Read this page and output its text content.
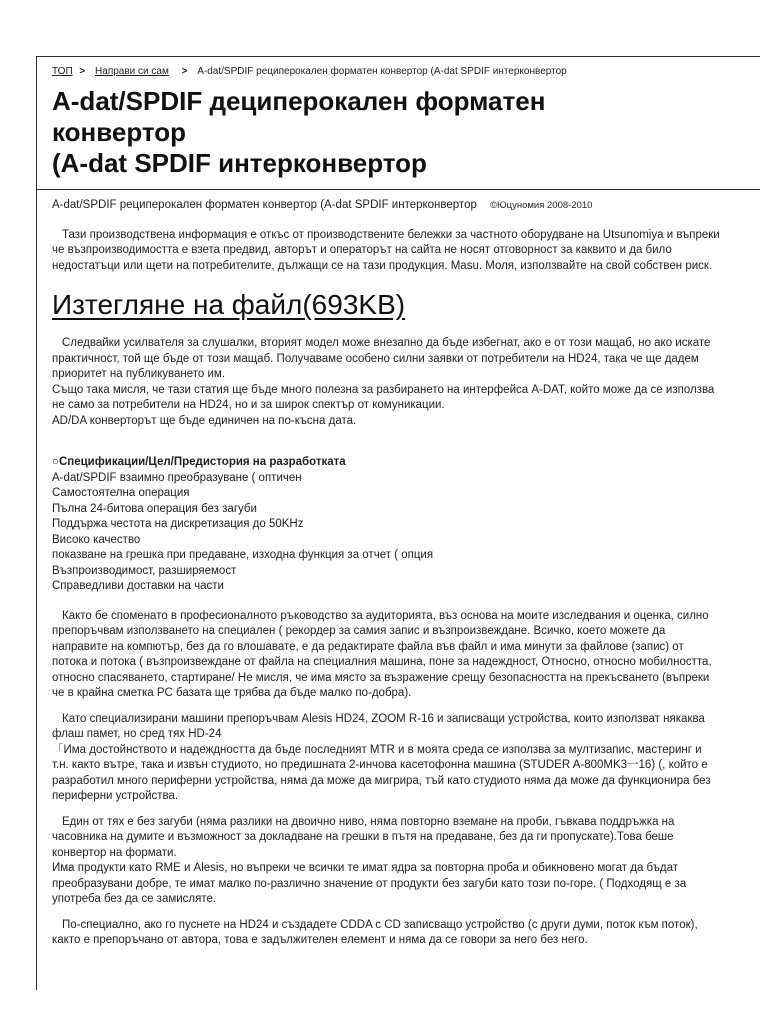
ТОП > Направи си сам > A-dat/SPDIF рециперокален форматен конвертор (A-dat SPDIF интерконвертор
A-dat/SPDIF дециперокален форматен
конвертор
(A-dat SPDIF интерконвертор
A-dat/SPDIF рециперокален форматен конвертор (A-dat SPDIF интерконвертор ©Юцуномия 2008-2010

Тази производствена информация е откъс от производствените бележки за частното оборудване на Utsunomiya и въпреки че възпроизводимостта е взета предвид, авторът и операторът на сайта не носят отговорност за каквито и да било недостатъци или щети на потребителите, дължащи се на тази продукция. Masu. Моля, използвайте на свой собствен риск.

Изтегляне на файл(693KB)

Следвайки усилвателя за слушалки, вторият модел може внезапно да бъде избегнат, ако е от този мащаб, но ако искате практичност, той ще бъде от този мащаб. Получаваме особено силни заявки от потребители на HD24, така че ще дадем приоритет на публикуването им.

Също така мисля, че тази статия ще бъде много полезна за разбирането на интерфейса A-DAT, който може да се използва не само за потребители на HD24, но и за широк спектър от комуникации.

AD/DA конверторът ще бъде единичен на по-късна дата.

○Спецификации/Цел/Предистория на разработката

A-dat/SPDIF взаимно преобразуване ( оптичен
Самостоятелна операция
Пълна 24-битова операция без загуби
Поддържа честота на дискретизация до 50KHz
Високо качество
показване на грешка при предаване, изходна функция за отчет ( опция
Възпроизводимост, разширяемост
Справедливи доставки на части

Както бе споменато в професионалното ръководство за аудиторията, въз основа на моите изследвания и оценка, силно препоръчвам използването на специален ( рекордер за самия запис и възпроизвеждане. Всичко, което можете да направите на компютър, без да го влошавате, е да редактирате файла във файл и има минути за файлове (запис) от потока и потока ( възпроизвеждане от файла на специалния машина, поне за надеждност, Относно, относно мобилността, относно спасяването, стартиране/ Не мисля, че има място за възражение срещу безопасността на прекъсването (въпреки че в крайна сметка PC базата ще трябва да бъде малко по-добра).

Като специализирани машини препоръчвам Alesis HD24, ZOOM R-16 и записващи устройства, които използват някаква флаш памет, но сред тях HD-24

「Има достойнството и надеждността да бъде последният MTR и в моята среда се използва за мултизапис, мастеринг и т.н. както вътре, така и извън студиото, но предишната 2-инчова касетофонна машина (STUDER A-800MK3一16) (, който е разработил много периферни устройства, няма да може да мигрира, тъй като студиото няма да може да функционира без периферни устройства.

Един от тях е без загуби (няма разлики на двоично ниво, няма повторно вземане на проби, гъвкава поддръжка на часовника на думите и възможност за докладване на грешки в пътя на предаване, без да ги пропускате).Това беше конвертор на формати.

Има продукти като RME и Alesis, но въпреки че всички те имат ядра за повторна проба и обикновено могат да бъдат преобразувани добре, те имат малко по-различно значение от продукти без загуби като този по-горе. ( Подходящ е за употреба без да се замисляте.

По-специално, ако го пуснете на HD24 и създадете CDDA с CD записващо устройство (с други думи, поток към поток), както е препоръчано от автора, това е задължителен елемент и няма да се говори за него без него.
